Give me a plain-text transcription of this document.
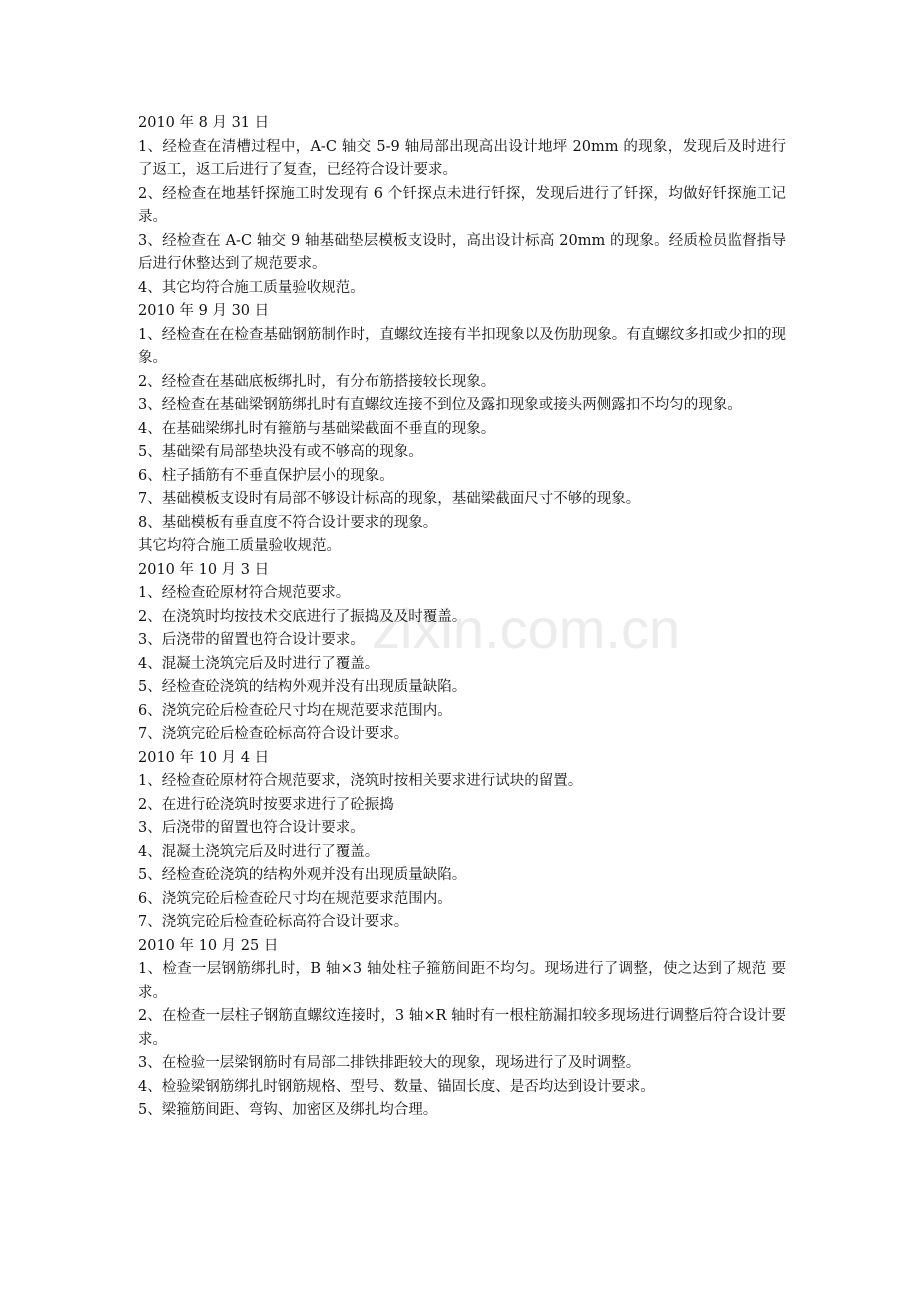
zixin.com.cn

2010 年 8 月 31 日

1、经检查在清槽过程中，A-C 轴交 5-9 轴局部出现高出设计地坪 20mm 的现象，发现后及时进行了返工，返工后进行了复查，已经符合设计要求。

2、经检查在地基钎探施工时发现有 6 个钎探点未进行钎探，发现后进行了钎探，均做好钎探施工记录。

3、经检查在 A-C 轴交 9 轴基础垫层模板支设时，高出设计标高 20mm 的现象。经质检员监督指导后进行休整达到了规范要求。

4、其它均符合施工质量验收规范。

2010 年 9 月 30 日

1、经检查在在检查基础钢筋制作时，直螺纹连接有半扣现象以及伤肋现象。有直螺纹多扣或少扣的现象。

2、经检查在基础底板绑扎时，有分布筋搭接较长现象。

3、经检查在基础梁钢筋绑扎时有直螺纹连接不到位及露扣现象或接头两侧露扣不均匀的现象。

4、在基础梁绑扎时有箍筋与基础梁截面不垂直的现象。

5、基础梁有局部垫块没有或不够高的现象。

6、柱子插筋有不垂直保护层小的现象。

7、基础模板支设时有局部不够设计标高的现象，基础梁截面尺寸不够的现象。

8、基础模板有垂直度不符合设计要求的现象。

其它均符合施工质量验收规范。

2010 年 10 月 3 日

1、经检查砼原材符合规范要求。

2、在浇筑时均按技术交底进行了振捣及及时覆盖。

3、后浇带的留置也符合设计要求。

4、混凝土浇筑完后及时进行了覆盖。

5、经检查砼浇筑的结构外观并没有出现质量缺陷。

6、浇筑完砼后检查砼尺寸均在规范要求范围内。

7、浇筑完砼后检查砼标高符合设计要求。

2010 年 10 月 4 日

1、经检查砼原材符合规范要求，浇筑时按相关要求进行试块的留置。

2、在进行砼浇筑时按要求进行了砼振捣

3、后浇带的留置也符合设计要求。

4、混凝土浇筑完后及时进行了覆盖。

5、经检查砼浇筑的结构外观并没有出现质量缺陷。

6、浇筑完砼后检查砼尺寸均在规范要求范围内。

7、浇筑完砼后检查砼标高符合设计要求。

2010 年 10 月 25 日

1、检查一层钢筋绑扎时，B 轴×3 轴处柱子箍筋间距不均匀。现场进行了调整，使之达到了规范 要求。

2、在检查一层柱子钢筋直螺纹连接时，3 轴×R 轴时有一根柱筋漏扣较多现场进行调整后符合设计要求。

3、在检验一层梁钢筋时有局部二排铁排距较大的现象，现场进行了及时调整。

4、检验梁钢筋绑扎时钢筋规格、型号、数量、锚固长度、是否均达到设计要求。

5、梁箍筋间距、弯钩、加密区及绑扎均合理。
